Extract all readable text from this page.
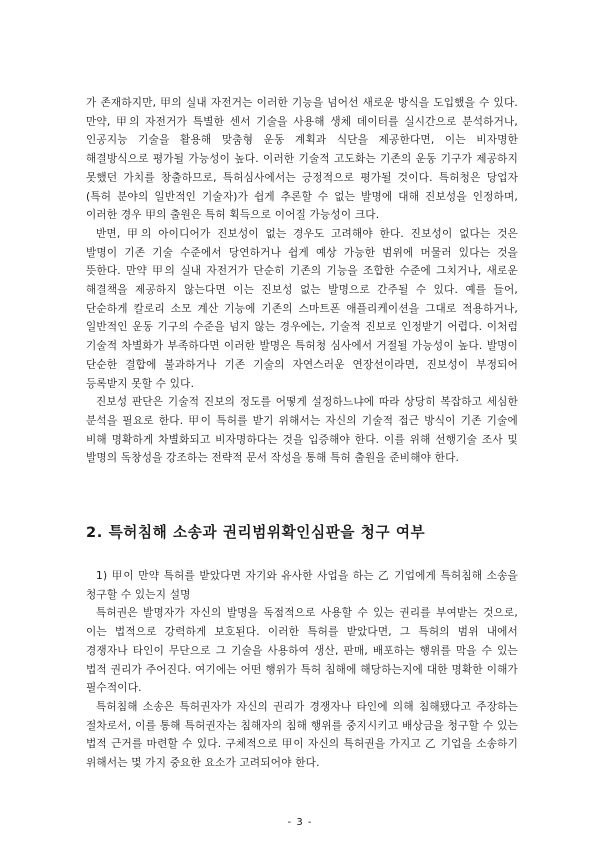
가 존재하지만, 甲의 실내 자전거는 이러한 기능을 넘어선 새로운 방식을 도입했을 수 있다. 만약, 甲의 자전거가 특별한 센서 기술을 사용해 생체 데이터를 실시간으로 분석하거나, 인공지능 기술을 활용해 맞춤형 운동 계획과 식단을 제공한다면, 이는 비자명한 해결방식으로 평가될 가능성이 높다. 이러한 기술적 고도화는 기존의 운동 기구가 제공하지 못했던 가치를 창출하므로, 특허심사에서는 긍정적으로 평가될 것이다. 특허청은 당업자(특허 분야의 일반적인 기술자)가 쉽게 추론할 수 없는 발명에 대해 진보성을 인정하며, 이러한 경우 甲의 출원은 특허 획득으로 이어질 가능성이 크다.

반면, 甲의 아이디어가 진보성이 없는 경우도 고려해야 한다. 진보성이 없다는 것은 발명이 기존 기술 수준에서 당연하거나 쉽게 예상 가능한 범위에 머물러 있다는 것을 뜻한다. 만약 甲의 실내 자전거가 단순히 기존의 기능을 조합한 수준에 그치거나, 새로운 해결책을 제공하지 않는다면 이는 진보성 없는 발명으로 간주될 수 있다. 예를 들어, 단순하게 칼로리 소모 계산 기능에 기존의 스마트폰 애플리케이션을 그대로 적용하거나, 일반적인 운동 기구의 수준을 넘지 않는 경우에는, 기술적 진보로 인정받기 어렵다. 이처럼 기술적 차별화가 부족하다면 이러한 발명은 특허청 심사에서 거절될 가능성이 높다. 발명이 단순한 결합에 불과하거나 기존 기술의 자연스러운 연장선이라면, 진보성이 부정되어 등록받지 못할 수 있다.

진보성 판단은 기술적 진보의 정도를 어떻게 설정하느냐에 따라 상당히 복잡하고 세심한 분석을 필요로 한다. 甲이 특허를 받기 위해서는 자신의 기술적 접근 방식이 기존 기술에 비해 명확하게 차별화되고 비자명하다는 것을 입증해야 한다. 이를 위해 선행기술 조사 및 발명의 독창성을 강조하는 전략적 문서 작성을 통해 특허 출원을 준비해야 한다.

2. 특허침해 소송과 권리범위확인심판을 청구 여부

1) 甲이 만약 특허를 받았다면 자기와 유사한 사업을 하는 乙 기업에게 특허침해 소송을 청구할 수 있는지 설명

특허권은 발명자가 자신의 발명을 독점적으로 사용할 수 있는 권리를 부여받는 것으로, 이는 법적으로 강력하게 보호된다. 이러한 특허를 받았다면, 그 특허의 범위 내에서 경쟁자나 타인이 무단으로 그 기술을 사용하여 생산, 판매, 배포하는 행위를 막을 수 있는 법적 권리가 주어진다. 여기에는 어떤 행위가 특허 침해에 해당하는지에 대한 명확한 이해가 필수적이다.

특허침해 소송은 특허권자가 자신의 권리가 경쟁자나 타인에 의해 침해됐다고 주장하는 절차로서, 이를 통해 특허권자는 침해자의 침해 행위를 중지시키고 배상금을 청구할 수 있는 법적 근거를 마련할 수 있다. 구체적으로 甲이 자신의 특허권을 가지고 乙 기업을 소송하기 위해서는 몇 가지 중요한 요소가 고려되어야 한다.

- 3 -
